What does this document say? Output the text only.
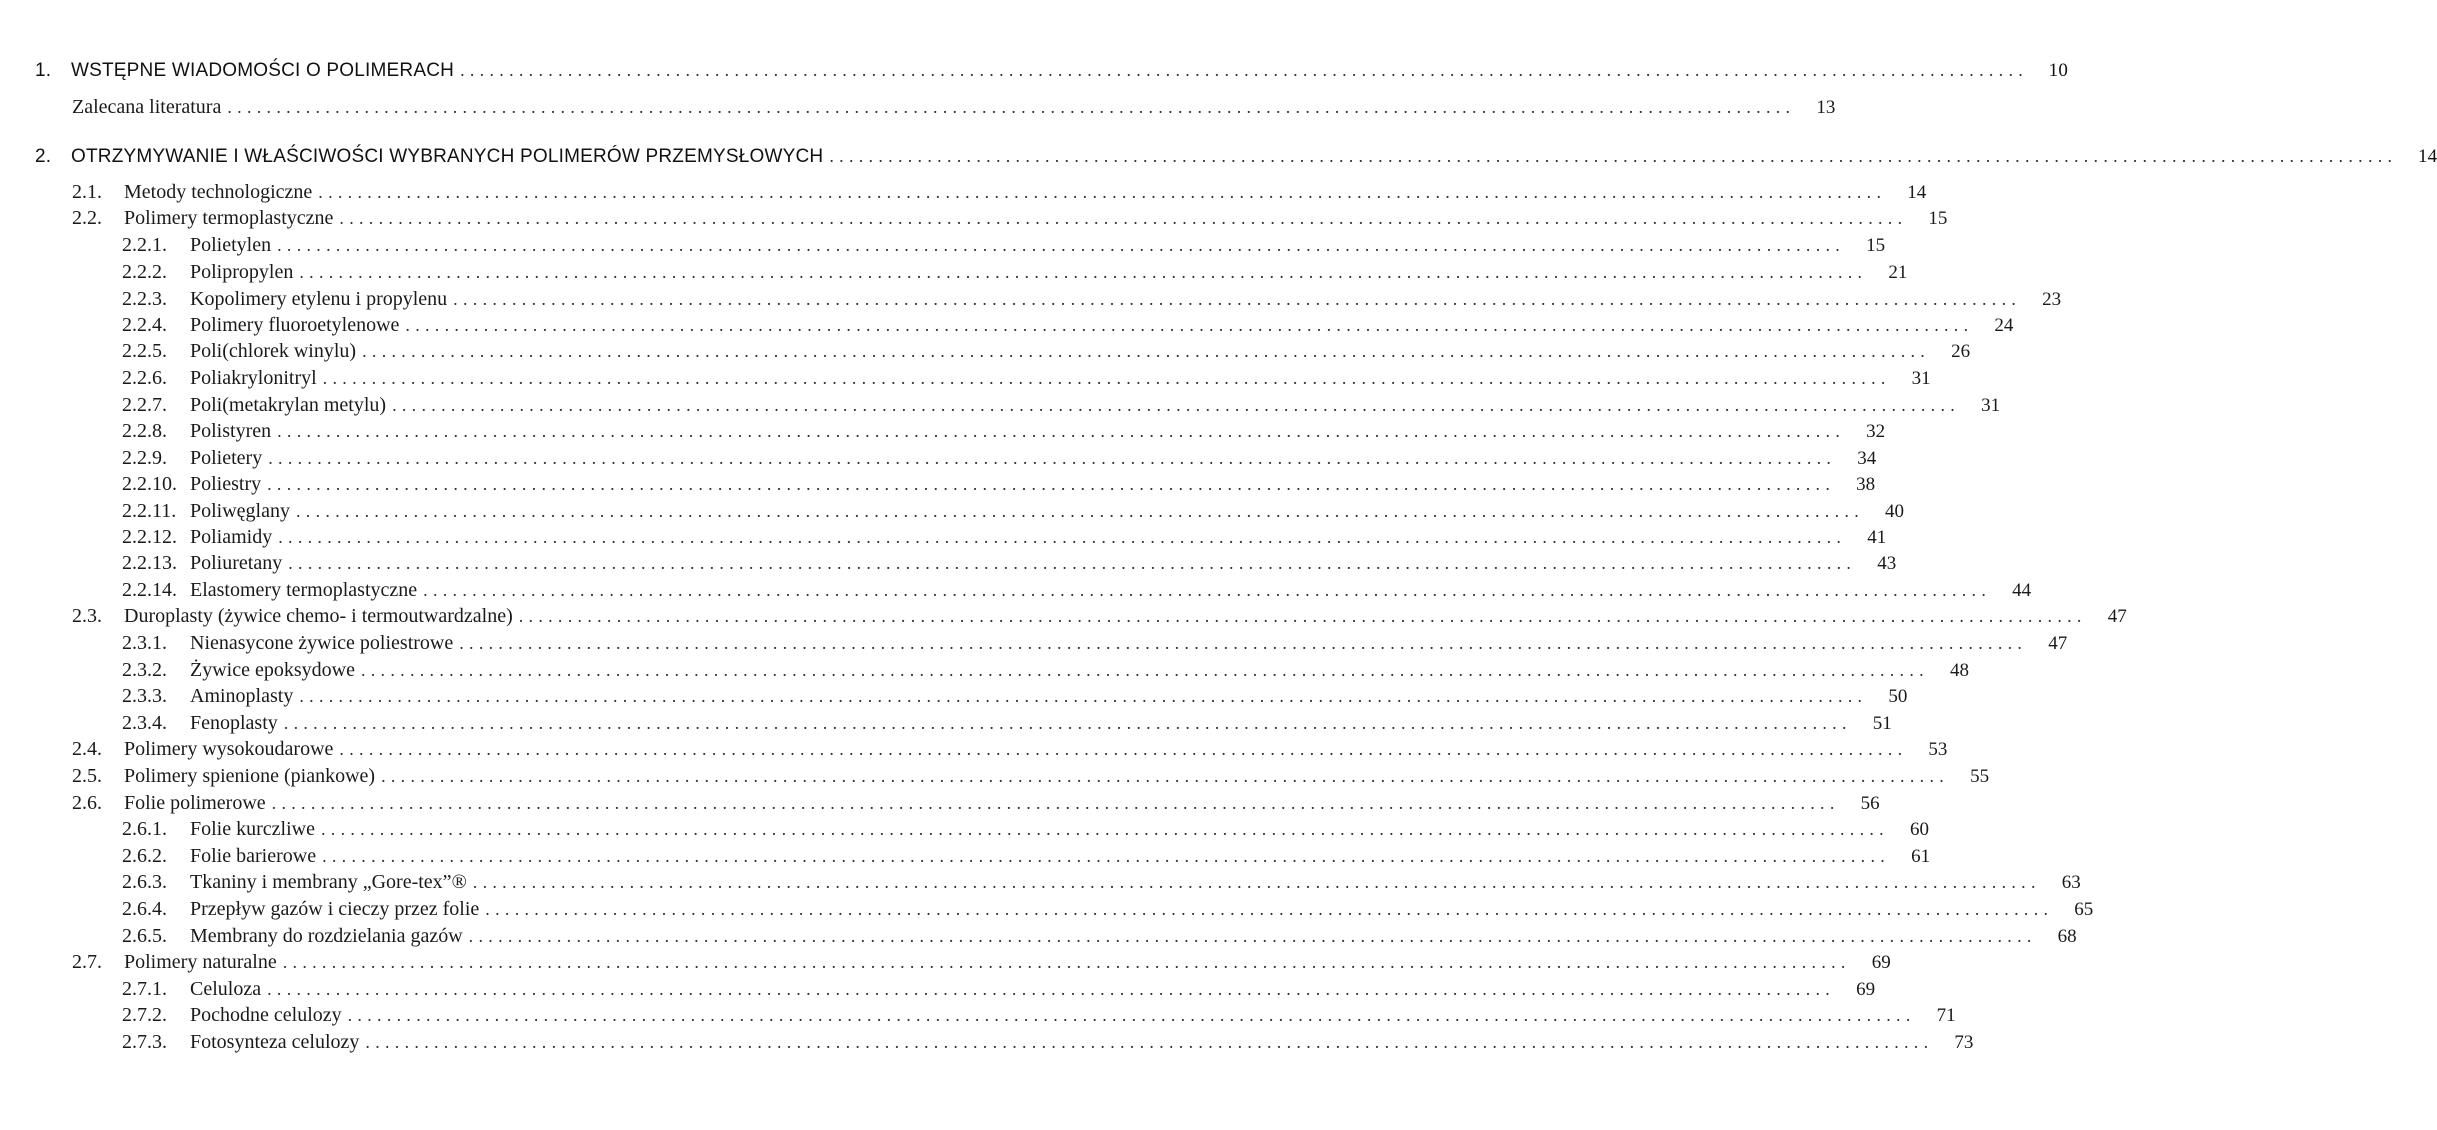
1.	WSTĘPNE WIADOMOŚCI O POLIMERACH ................................................................................................................................................................	10
Zalecana literatura ................................................................................................................................................................	13
2.	OTRZYMYWANIE I WŁAŚCIWOŚCI WYBRANYCH POLIMERÓW PRZEMYSŁOWYCH ................................................................................................................................................................	14
2.1.	Metody technologiczne ................................................................................................................................................................	14
2.2.	Polimery termoplastyczne ................................................................................................................................................................	15
2.2.1.	Polietylen ................................................................................................................................................................	15
2.2.2.	Polipropylen ................................................................................................................................................................	21
2.2.3.	Kopolimery etylenu i propylenu ................................................................................................................................................................	23
2.2.4.	Polimery fluoroetylenowe ................................................................................................................................................................	24
2.2.5.	Poli(chlorek winylu) ................................................................................................................................................................	26
2.2.6.	Poliakrylonitryl ................................................................................................................................................................	31
2.2.7.	Poli(metakrylan metylu) ................................................................................................................................................................	31
2.2.8.	Polistyren ................................................................................................................................................................	32
2.2.9.	Polietery ................................................................................................................................................................	34
2.2.10. Poliestry ................................................................................................................................................................	38
2.2.11. Poliwęglany ................................................................................................................................................................	40
2.2.12. Poliamidy ................................................................................................................................................................	41
2.2.13. Poliuretany ................................................................................................................................................................	43
2.2.14. Elastomery termoplastyczne ................................................................................................................................................................	44
2.3.	Duroplasty (żywice chemo- i termoutwardzalne) ................................................................................................................................................................	47
2.3.1.	Nienasycone żywice poliestrowe ................................................................................................................................................................	47
2.3.2.	Żywice epoksydowe ................................................................................................................................................................	48
2.3.3.	Aminoplasty ................................................................................................................................................................	50
2.3.4.	Fenoplasty ................................................................................................................................................................	51
2.4.	Polimery wysokoudarowe ................................................................................................................................................................	53
2.5.	Polimery spienione (piankowe) ................................................................................................................................................................	55
2.6.	Folie polimerowe ................................................................................................................................................................	56
2.6.1.	Folie kurczliwe ................................................................................................................................................................	60
2.6.2.	Folie barierowe ................................................................................................................................................................	61
2.6.3.	Tkaniny i membrany „Gore-tex”® ................................................................................................................................................................	63
2.6.4.	Przepływ gazów i cieczy przez folie ................................................................................................................................................................	65
2.6.5.	Membrany do rozdzielania gazów ................................................................................................................................................................	68
2.7.	Polimery naturalne ................................................................................................................................................................	69
2.7.1.	Celuloza ................................................................................................................................................................	69
2.7.2.	Pochodne celulozy ................................................................................................................................................................	71
2.7.3.	Fotosynteza celulozy ................................................................................................................................................................	73
